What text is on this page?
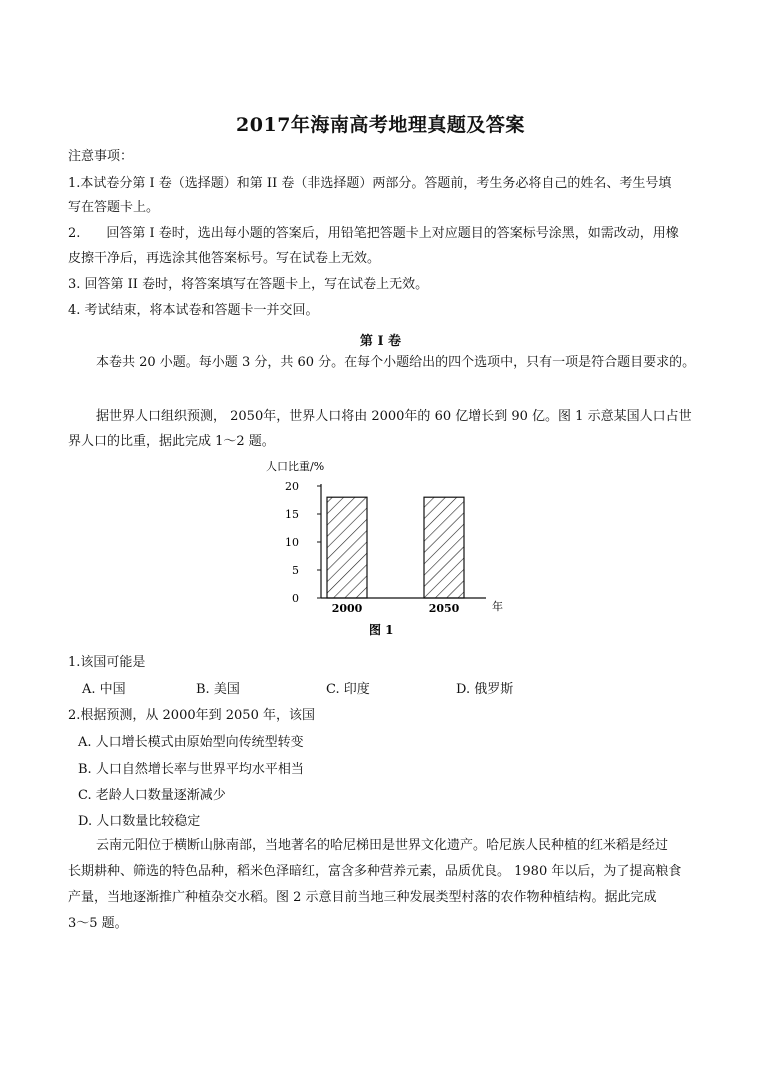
2017年海南高考地理真题及答案
注意事项：
1.本试卷分第 I 卷（选择题）和第 II 卷（非选择题）两部分。答题前，考生务必将自己的姓名、考生号填
写在答题卡上。
2.　　回答第 I 卷时，选出每小题的答案后，用铅笔把答题卡上对应题目的答案标号涂黑，如需改动，用橡
皮擦干净后，再选涂其他答案标号。写在试卷上无效。
3. 回答第 II 卷时，将答案填写在答题卡上，写在试卷上无效。
4. 考试结束，将本试卷和答题卡一并交回。
第 I 卷
本卷共 20 小题。每小题 3 分，共 60 分。在每个小题给出的四个选项中，只有一项是符合题目要求的。
据世界人口组织预测， 2050年，世界人口将由 2000年的 60 亿增长到 90 亿。图 1 示意某国人口占世
界人口的比重，据此完成 1～2 题。
人口比重/%
0
5
10
15
20
2000	2050	年
图 1
1.该国可能是
A. 中国	B. 美国	C. 印度	D. 俄罗斯
2.根据预测，从 2000年到 2050 年，该国
A. 人口增长模式由原始型向传统型转变
B. 人口自然增长率与世界平均水平相当
C. 老龄人口数量逐渐减少
D. 人口数量比较稳定
云南元阳位于横断山脉南部，当地著名的哈尼梯田是世界文化遗产。哈尼族人民种植的红米稻是经过
长期耕种、筛选的特色品种，稻米色泽暗红，富含多种营养元素，品质优良。 1980 年以后，为了提高粮食
产量，当地逐渐推广种植杂交水稻。图 2 示意目前当地三种发展类型村落的农作物种植结构。据此完成
3～5 题。
